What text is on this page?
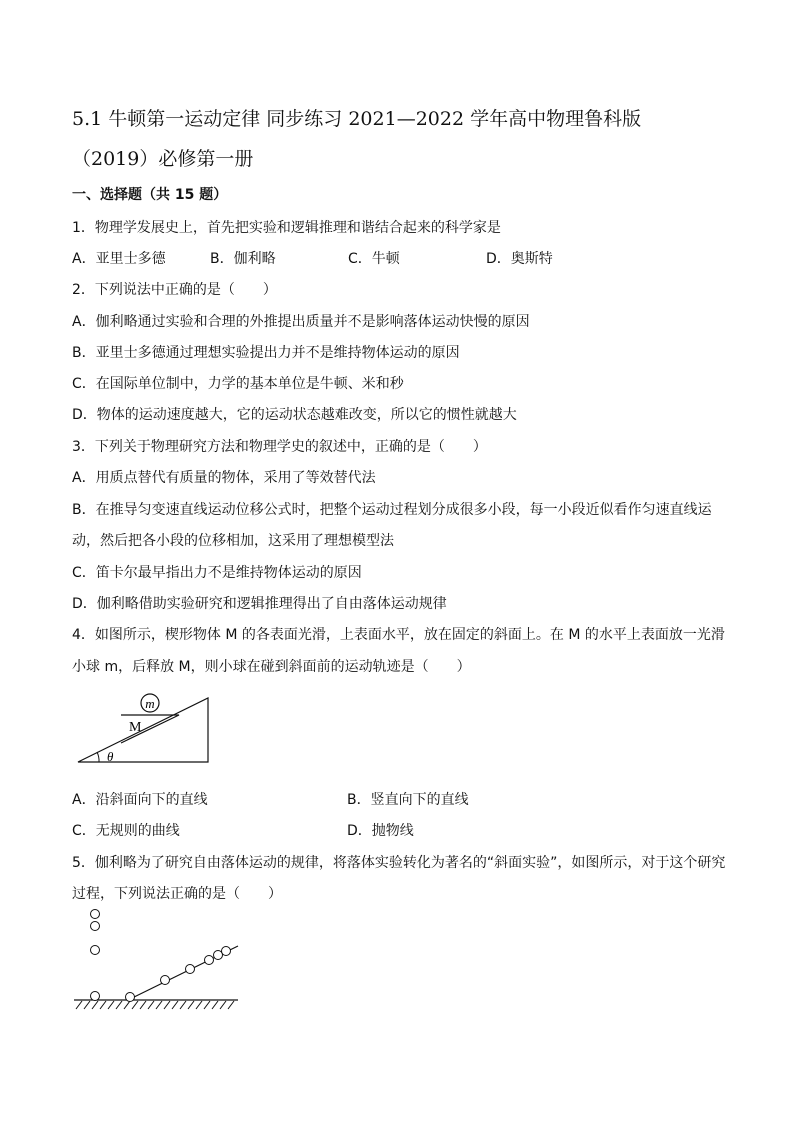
5.1 牛顿第一运动定律 同步练习 2021—2022 学年高中物理鲁科版
（2019）必修第一册
一、选择题（共 15 题）
1．物理学发展史上，首先把实验和逻辑推理和谐结合起来的科学家是
A．亚里士多德	B．伽利略	C．牛顿	D．奥斯特
2．下列说法中正确的是（　　）
A．伽利略通过实验和合理的外推提出质量并不是影响落体运动快慢的原因
B．亚里士多德通过理想实验提出力并不是维持物体运动的原因
C．在国际单位制中，力学的基本单位是牛顿、米和秒
D．物体的运动速度越大，它的运动状态越难改变，所以它的惯性就越大
3．下列关于物理研究方法和物理学史的叙述中，正确的是（　　）
A．用质点替代有质量的物体，采用了等效替代法
B．在推导匀变速直线运动位移公式时，把整个运动过程划分成很多小段，每一小段近似看作匀速直线运
动，然后把各小段的位移相加，这采用了理想模型法
C．笛卡尔最早指出力不是维持物体运动的原因
D．伽利略借助实验研究和逻辑推理得出了自由落体运动规律
4．如图所示，楔形物体 M 的各表面光滑，上表面水平，放在固定的斜面上。在 M 的水平上表面放一光滑
小球 m，后释放 M，则小球在碰到斜面前的运动轨迹是（　　）
m
M
θ
A．沿斜面向下的直线	B．竖直向下的直线
C．无规则的曲线	D．抛物线
5．伽利略为了研究自由落体运动的规律，将落体实验转化为著名的“斜面实验”，如图所示，对于这个研究
过程，下列说法正确的是（　　）
